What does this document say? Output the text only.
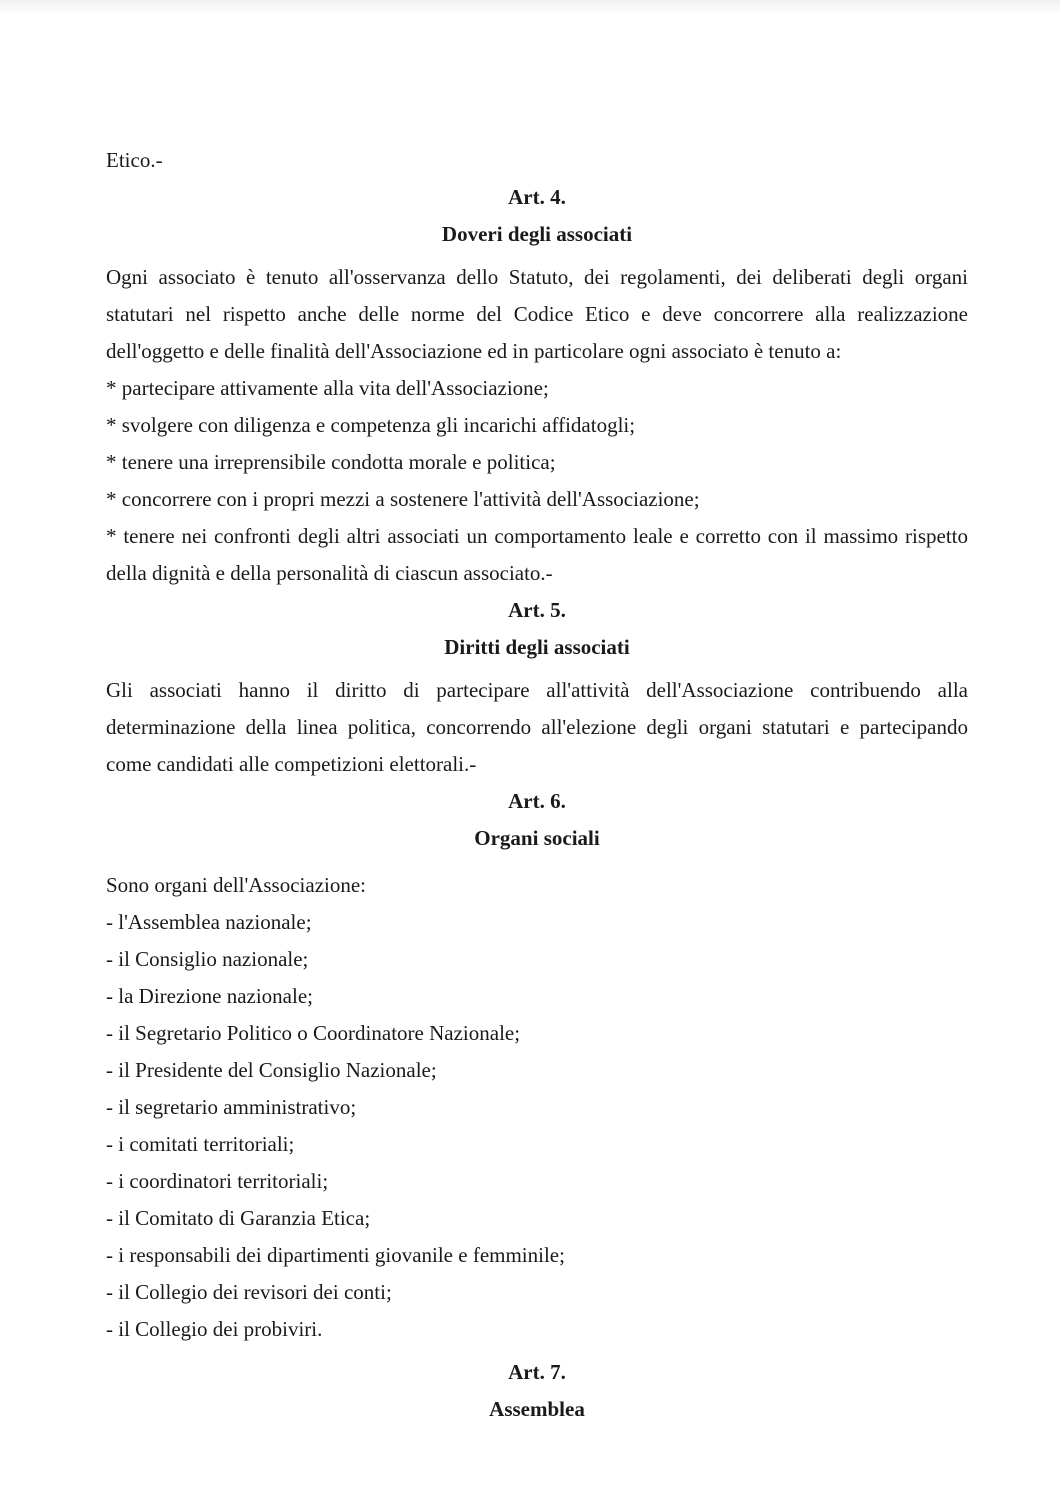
Etico.-
Art. 4.
Doveri degli associati
Ogni associato è tenuto all'osservanza dello Statuto, dei regolamenti, dei deliberati degli organi
statutari nel rispetto anche delle norme del Codice Etico e deve concorrere alla realizzazione
dell'oggetto e delle finalità dell'Associazione ed in particolare ogni associato è tenuto a:
* partecipare attivamente alla vita dell'Associazione;
* svolgere con diligenza e competenza gli incarichi affidatogli;
* tenere una irreprensibile condotta morale e politica;
* concorrere con i propri mezzi a sostenere l'attività dell'Associazione;
* tenere nei confronti degli altri associati un comportamento leale e corretto con il massimo rispetto
della dignità e della personalità di ciascun associato.-
Art. 5.
Diritti degli associati
Gli associati hanno il diritto di partecipare all'attività dell'Associazione contribuendo alla
determinazione della linea politica, concorrendo all'elezione degli organi statutari e partecipando
come candidati alle competizioni elettorali.-
Art. 6.
Organi sociali
Sono organi dell'Associazione:
- l'Assemblea nazionale;
- il Consiglio nazionale;
- la Direzione nazionale;
- il Segretario Politico o Coordinatore Nazionale;
- il Presidente del Consiglio Nazionale;
- il segretario amministrativo;
- i comitati territoriali;
- i coordinatori territoriali;
- il Comitato di Garanzia Etica;
- i responsabili dei dipartimenti giovanile e femminile;
- il Collegio dei revisori dei conti;
- il Collegio dei probiviri.
Art. 7.
Assemblea
